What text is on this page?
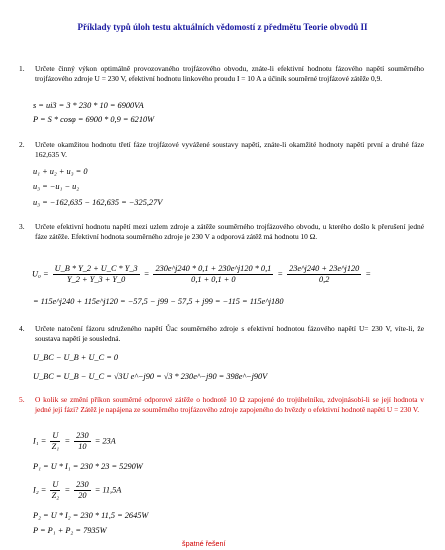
Příklady typů úloh testu aktuálních vědomostí z předmětu Teorie obvodů II
1. Určete činný výkon optimálně provozovaného trojfázového obvodu, znáte-li efektivní hodnotu fázového napětí souměrného trojfázového zdroje U = 230 V, efektivní hodnotu linkového proudu I = 10 A a účiník souměrné trojfázové zátěže 0,9.
s = ui3 = 3 * 230 * 10 = 6900VA
P = S * cosφ = 6900 * 0,9 = 6210W
2. Určete okamžitou hodnotu třetí fáze trojfázové vyvážené soustavy napětí, znáte-li okamžité hodnoty napětí první a druhé fáze 162,635 V.
u₁ + u₂ + u₃ = 0
u₃ = −u₁ − u₂
u₃ = −162,635 − 162,635 = −325,27V
3. Určete efektivní hodnotu napětí mezi uzlem zdroje a zátěže souměrného trojfázového obvodu, u kterého došlo k přerušení jedné fáze zátěže. Efektivní hodnota souměrného zdroje je 230 V a odporová zátěž má hodnotu 10 Ω.
$U_0 = \frac{U\_B * Y\_2 + U\_C * Y\_3}{Y\_2 + Y\_3 + Y\_0} = \frac{230e\^{}j240 * 0,1 + 230e\^{}j120 * 0,1}{0,1 + 0,1 + 0} = \frac{23e\^{}j240 + 23e\^{}j120}{0,2}$ =
= 115e^j240 + 115e^j120 = −57,5 − j99 − 57,5 + j99 = −115 = 115e^j180
4. Určete natočení fázoru sdruženého napětí Ůac souměrného zdroje s efektivní hodnotou fázového napětí U= 230 V, víte-li, že soustava napětí je sousledná.
U_BC − U_B + U_C = 0
U_BC = U_B − U_C = √3U e^−j90 = √3 * 230e^−j90 = 398e^−j90V
5. O kolik se změní příkon souměrné odporové zátěže o hodnotě 10 Ω zapojené do trojúhelníku, zdvojnásobí-li se její hodnota v jedné její fázi? Zátěž je napájena ze souměrného trojfázového zdroje zapojeného do hvězdy o efektivní hodnotě napětí U = 230 V.
$I_1 = \frac{U}{\text{Z₁}} = \frac{230}{10} = 23A$
P₁ = U * I₁ = 230 * 23 = 5290W
$I_2 = \frac{U}{\text{Z₂}} = \frac{230}{20} = 11,5A$
P₂ = U * I₂ = 230 * 11,5 = 2645W
P = P₁ + P₂ = 7935W
špatné řešení
